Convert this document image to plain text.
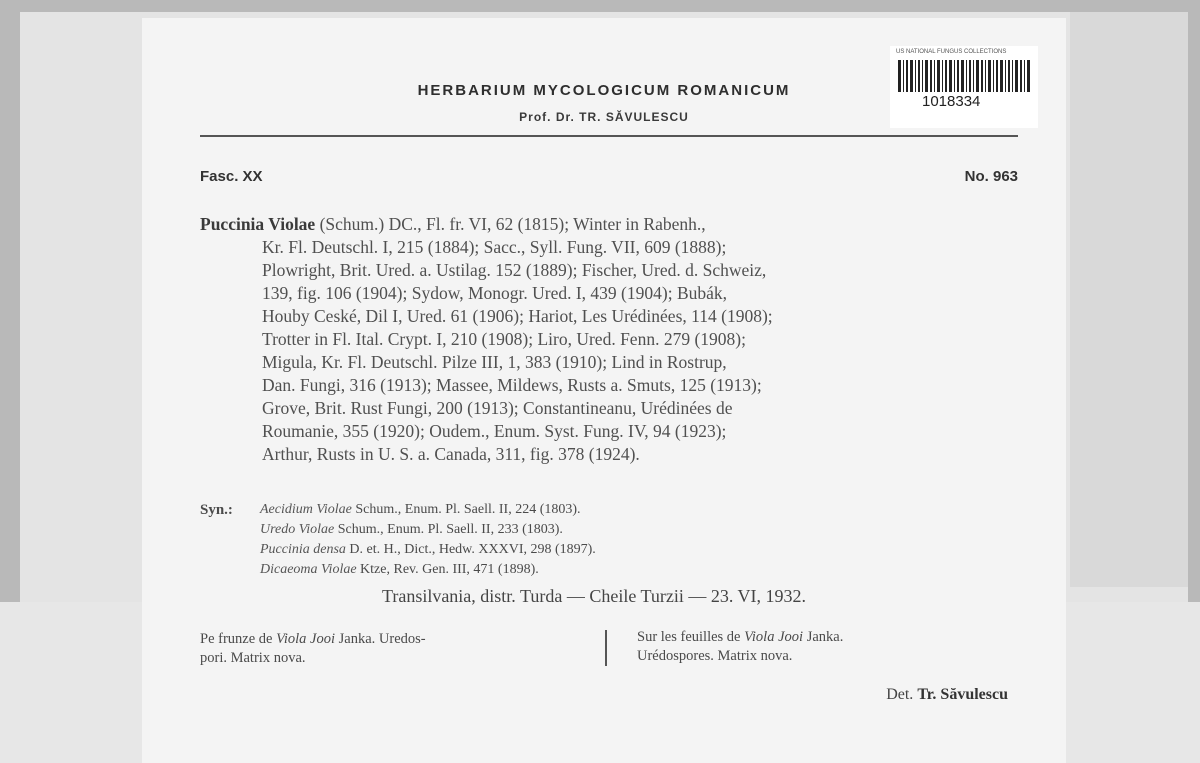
HERBARIUM MYCOLOGICUM ROMANICUM
Prof. Dr. TR. SĂVULESCU
US NATIONAL FUNGUS COLLECTIONS
1018334
Fasc. XX	No. 963

Puccinia Violae (Schum.) DC., Fl. fr. VI, 62 (1815); Winter in Rabenh.,

Kr. Fl. Deutschl. I, 215 (1884); Sacc., Syll. Fung. VII, 609 (1888);

Plowright, Brit. Ured. a. Ustilag. 152 (1889); Fischer, Ured. d. Schweiz,

139, fig. 106 (1904); Sydow, Monogr. Ured. I, 439 (1904); Bubák,

Houby Ceské, Dil I, Ured. 61 (1906); Hariot, Les Urédinées, 114 (1908);

Trotter in Fl. Ital. Crypt. I, 210 (1908); Liro, Ured. Fenn. 279 (1908);

Migula, Kr. Fl. Deutschl. Pilze III, 1, 383 (1910); Lind in Rostrup,

Dan. Fungi, 316 (1913); Massee, Mildews, Rusts a. Smuts, 125 (1913);

Grove, Brit. Rust Fungi, 200 (1913); Constantineanu, Urédinées de

Roumanie, 355 (1920); Oudem., Enum. Syst. Fung. IV, 94 (1923);

Arthur, Rusts in U. S. a. Canada, 311, fig. 378 (1924).

Syn.: Aecidium Violae Schum., Enum. Pl. Saell. II, 224 (1803).
Uredo Violae Schum., Enum. Pl. Saell. II, 233 (1803).
Puccinia densa D. et. H., Dict., Hedw. XXXVI, 298 (1897).
Dicaeoma Violae Ktze, Rev. Gen. III, 471 (1898).
Transilvania, distr. Turda — Cheile Turzii — 23. VI, 1932.
Pe frunze de Viola Jooi Janka. Uredos-
pori. Matrix nova.
Sur les feuilles de Viola Jooi Janka.
Urédospores. Matrix nova.
Det. Tr. Săvulescu
